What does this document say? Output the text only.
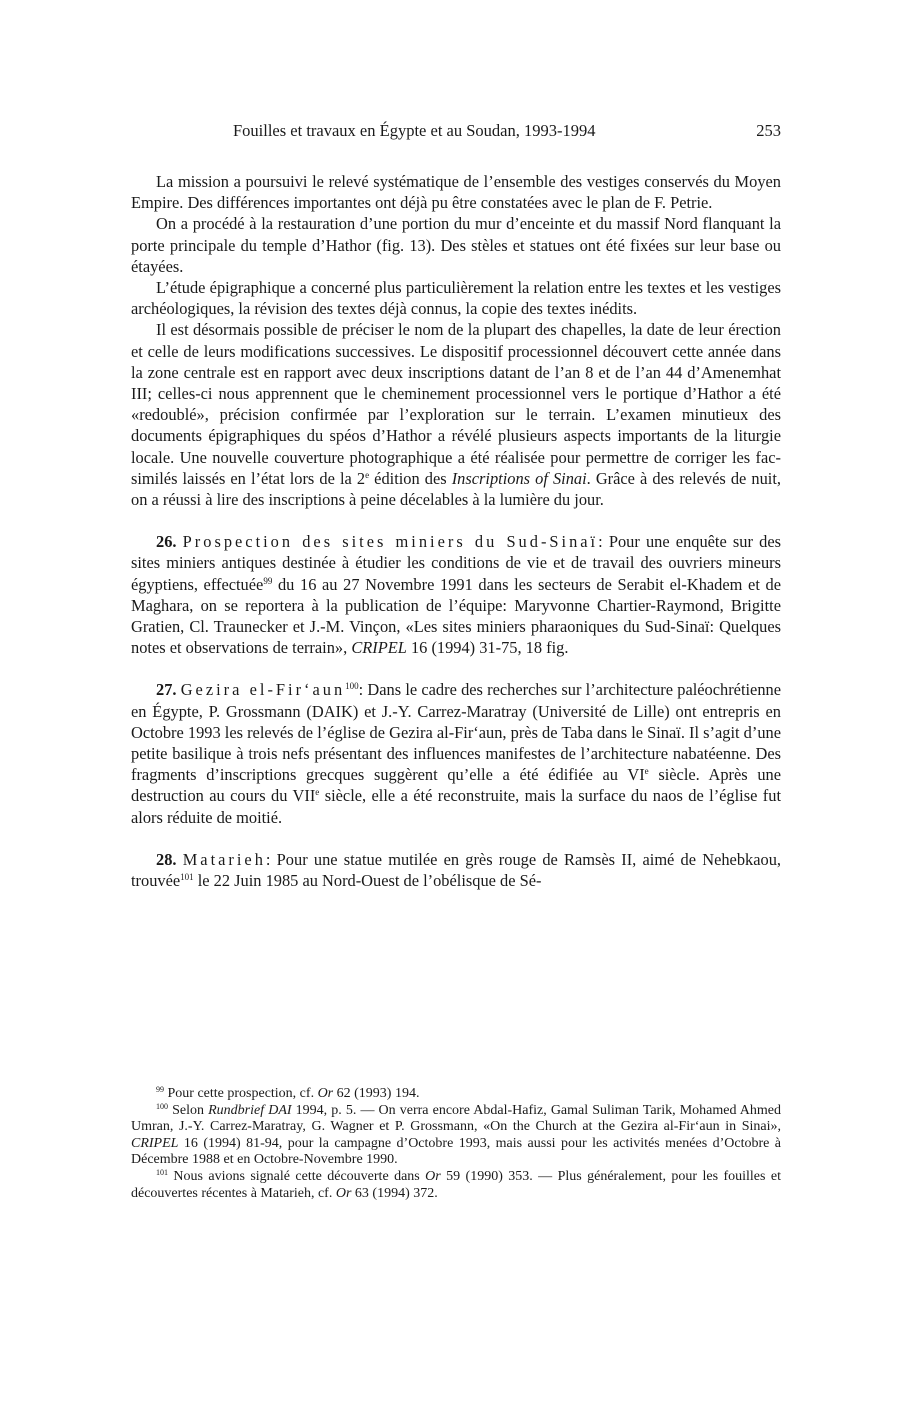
Fouilles et travaux en Égypte et au Soudan, 1993-1994	253

La mission a poursuivi le relevé systématique de l’ensemble des vestiges conservés du Moyen Empire. Des différences importantes ont déjà pu être constatées avec le plan de F. Petrie.

On a procédé à la restauration d’une portion du mur d’enceinte et du massif Nord flanquant la porte principale du temple d’Hathor (fig. 13). Des stèles et statues ont été fixées sur leur base ou étayées.

L’étude épigraphique a concerné plus particulièrement la relation entre les textes et les vestiges archéologiques, la révision des textes déjà connus, la copie des textes inédits.

Il est désormais possible de préciser le nom de la plupart des chapelles, la date de leur érection et celle de leurs modifications successives. Le dispositif processionnel découvert cette année dans la zone centrale est en rapport avec deux inscriptions datant de l’an 8 et de l’an 44 d’Amenemhat III; celles-ci nous apprennent que le cheminement processionnel vers le portique d’Hathor a été «redoublé», précision confirmée par l’exploration sur le terrain. L’examen minutieux des documents épigraphiques du spéos d’Hathor a révélé plusieurs aspects importants de la liturgie locale. Une nouvelle couverture photographique a été réalisée pour permettre de corriger les fac-similés laissés en l’état lors de la 2e édition des Inscriptions of Sinai. Grâce à des relevés de nuit, on a réussi à lire des inscriptions à peine décelables à la lumière du jour.

26. Prospection des sites miniers du Sud-Sinaï: Pour une enquête sur des sites miniers antiques destinée à étudier les conditions de vie et de travail des ouvriers mineurs égyptiens, effectuée$^{99}$ du 16 au 27 Novembre 1991 dans les secteurs de Serabit el-Khadem et de Maghara, on se reportera à la publication de l’équipe: Maryvonne Chartier-Raymond, Brigitte Gratien, Cl. Traunecker et J.-M. Vinçon, «Les sites miniers pharaoniques du Sud-Sinaï: Quelques notes et observations de terrain», CRIPEL 16 (1994) 31-75, 18 fig.

27. Gezira el-Fir‘aun$^{100}$: Dans le cadre des recherches sur l’architecture paléochrétienne en Égypte, P. Grossmann (DAIK) et J.-Y. Carrez-Maratray (Université de Lille) ont entrepris en Octobre 1993 les relevés de l’église de Gezira al-Fir‘aun, près de Taba dans le Sinaï. Il s’agit d’une petite basilique à trois nefs présentant des influences manifestes de l’architecture nabatéenne. Des fragments d’inscriptions grecques suggèrent qu’elle a été édifiée au VIe siècle. Après une destruction au cours du VIIe siècle, elle a été reconstruite, mais la surface du naos de l’église fut alors réduite de moitié.

28. Matarieh: Pour une statue mutilée en grès rouge de Ramsès II, aimé de Nehebkaou, trouvée$^{101}$ le 22 Juin 1985 au Nord-Ouest de l’obélisque de Sé-

$^{99}$ Pour cette prospection, cf. Or 62 (1993) 194.

$^{100}$ Selon Rundbrief DAI 1994, p. 5. — On verra encore Abdal-Hafiz, Gamal Suliman Tarik, Mohamed Ahmed Umran, J.-Y. Carrez-Maratray, G. Wagner et P. Grossmann, «On the Church at the Gezira al-Fir‘aun in Sinai», CRIPEL 16 (1994) 81-94, pour la campagne d’Octobre 1993, mais aussi pour les activités menées d’Octobre à Décembre 1988 et en Octobre-Novembre 1990.

$^{101}$ Nous avions signalé cette découverte dans Or 59 (1990) 353. — Plus généralement, pour les fouilles et découvertes récentes à Matarieh, cf. Or 63 (1994) 372.
